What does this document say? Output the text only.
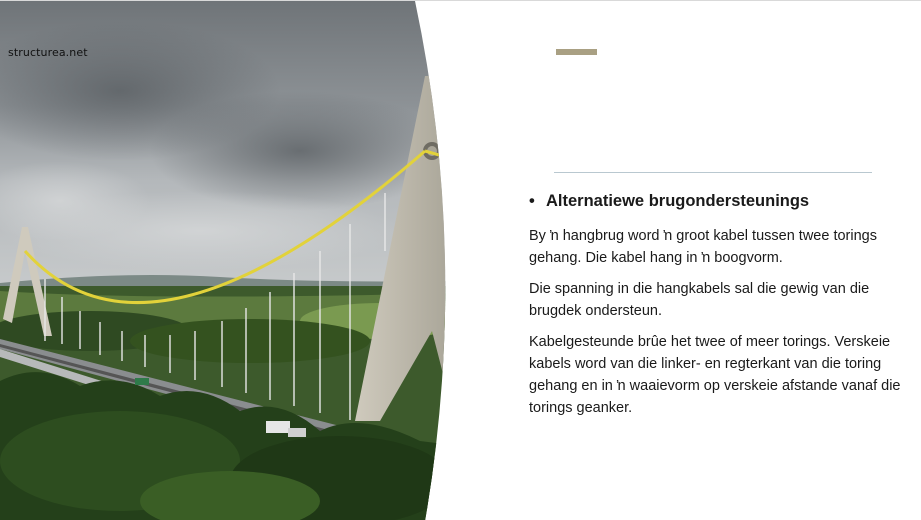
structurea.net
• Alternatiewe brugondersteunings

By ŉ hangbrug word ŉ groot kabel tussen twee torings gehang. Die kabel hang in ŉ boogvorm.

Die spanning in die hangkabels sal die gewig van die brugdek ondersteun.

Kabelgesteunde brûe het twee of meer torings. Verskeie kabels word van die linker- en regterkant van die toring gehang en in ŉ waaievorm op verskeie afstande vanaf die torings geanker.
